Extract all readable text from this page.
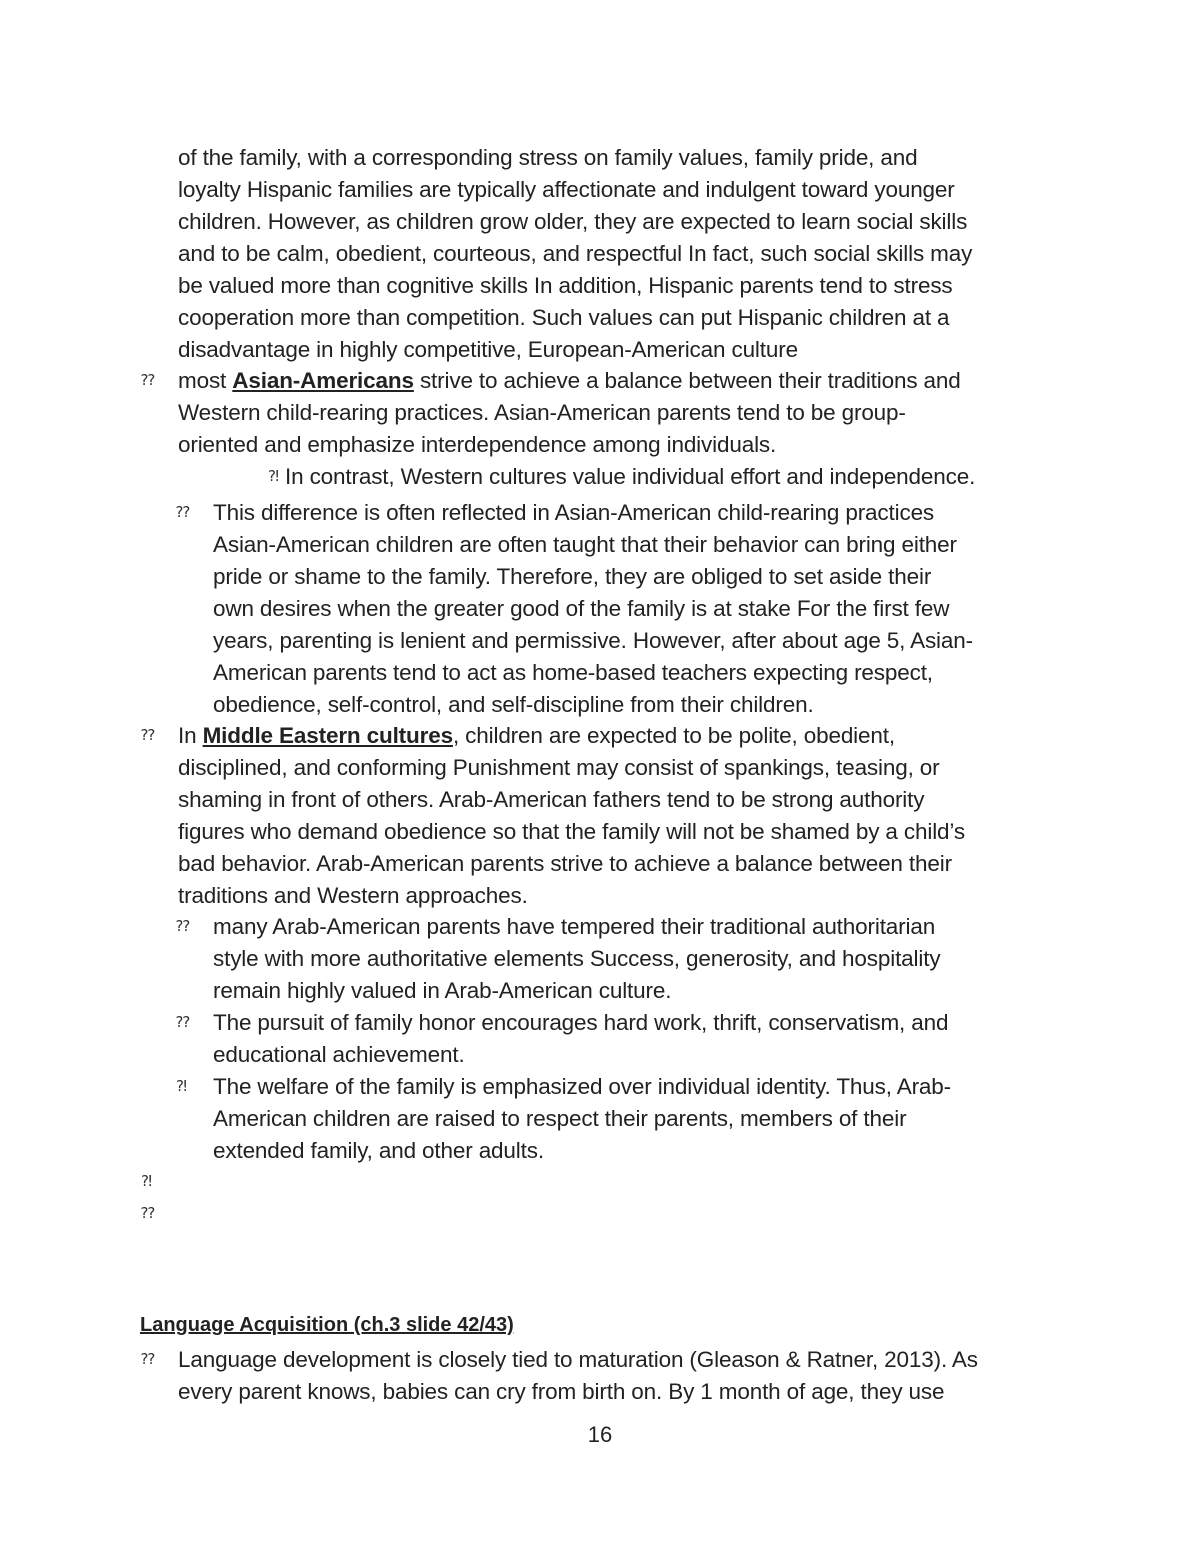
of the family, with a corresponding stress on family values, family pride, and
loyalty Hispanic families are typically affectionate and indulgent toward younger
children. However, as children grow older, they are expected to learn social skills
and to be calm, obedient, courteous, and respectful In fact, such social skills may
be valued more than cognitive skills In addition, Hispanic parents tend to stress
cooperation more than competition. Such values can put Hispanic children at a
disadvantage in highly competitive, European-American culture
⁇ most Asian-Americans strive to achieve a balance between their traditions and
Western child-rearing practices. Asian-American parents tend to be group-
oriented and emphasize interdependence among individuals.
⁈ In contrast, Western cultures value individual effort and independence.
⁇ This difference is often reflected in Asian-American child-rearing practices
Asian-American children are often taught that their behavior can bring either
pride or shame to the family. Therefore, they are obliged to set aside their
own desires when the greater good of the family is at stake For the first few
years, parenting is lenient and permissive. However, after about age 5, Asian-
American parents tend to act as home-based teachers expecting respect,
obedience, self-control, and self-discipline from their children.
⁇ In Middle Eastern cultures, children are expected to be polite, obedient,
disciplined, and conforming Punishment may consist of spankings, teasing, or
shaming in front of others. Arab-American fathers tend to be strong authority
figures who demand obedience so that the family will not be shamed by a child’s
bad behavior. Arab-American parents strive to achieve a balance between their
traditions and Western approaches.
⁇ many Arab-American parents have tempered their traditional authoritarian
style with more authoritative elements Success, generosity, and hospitality
remain highly valued in Arab-American culture.
⁇ The pursuit of family honor encourages hard work, thrift, conservatism, and
educational achievement.
⁈ The welfare of the family is emphasized over individual identity. Thus, Arab-
American children are raised to respect their parents, members of their
extended family, and other adults.
⁈
⁇
Language Acquisition (ch.3 slide 42/43)
⁇ Language development is closely tied to maturation (Gleason & Ratner, 2013). As
every parent knows, babies can cry from birth on. By 1 month of age, they use
16
